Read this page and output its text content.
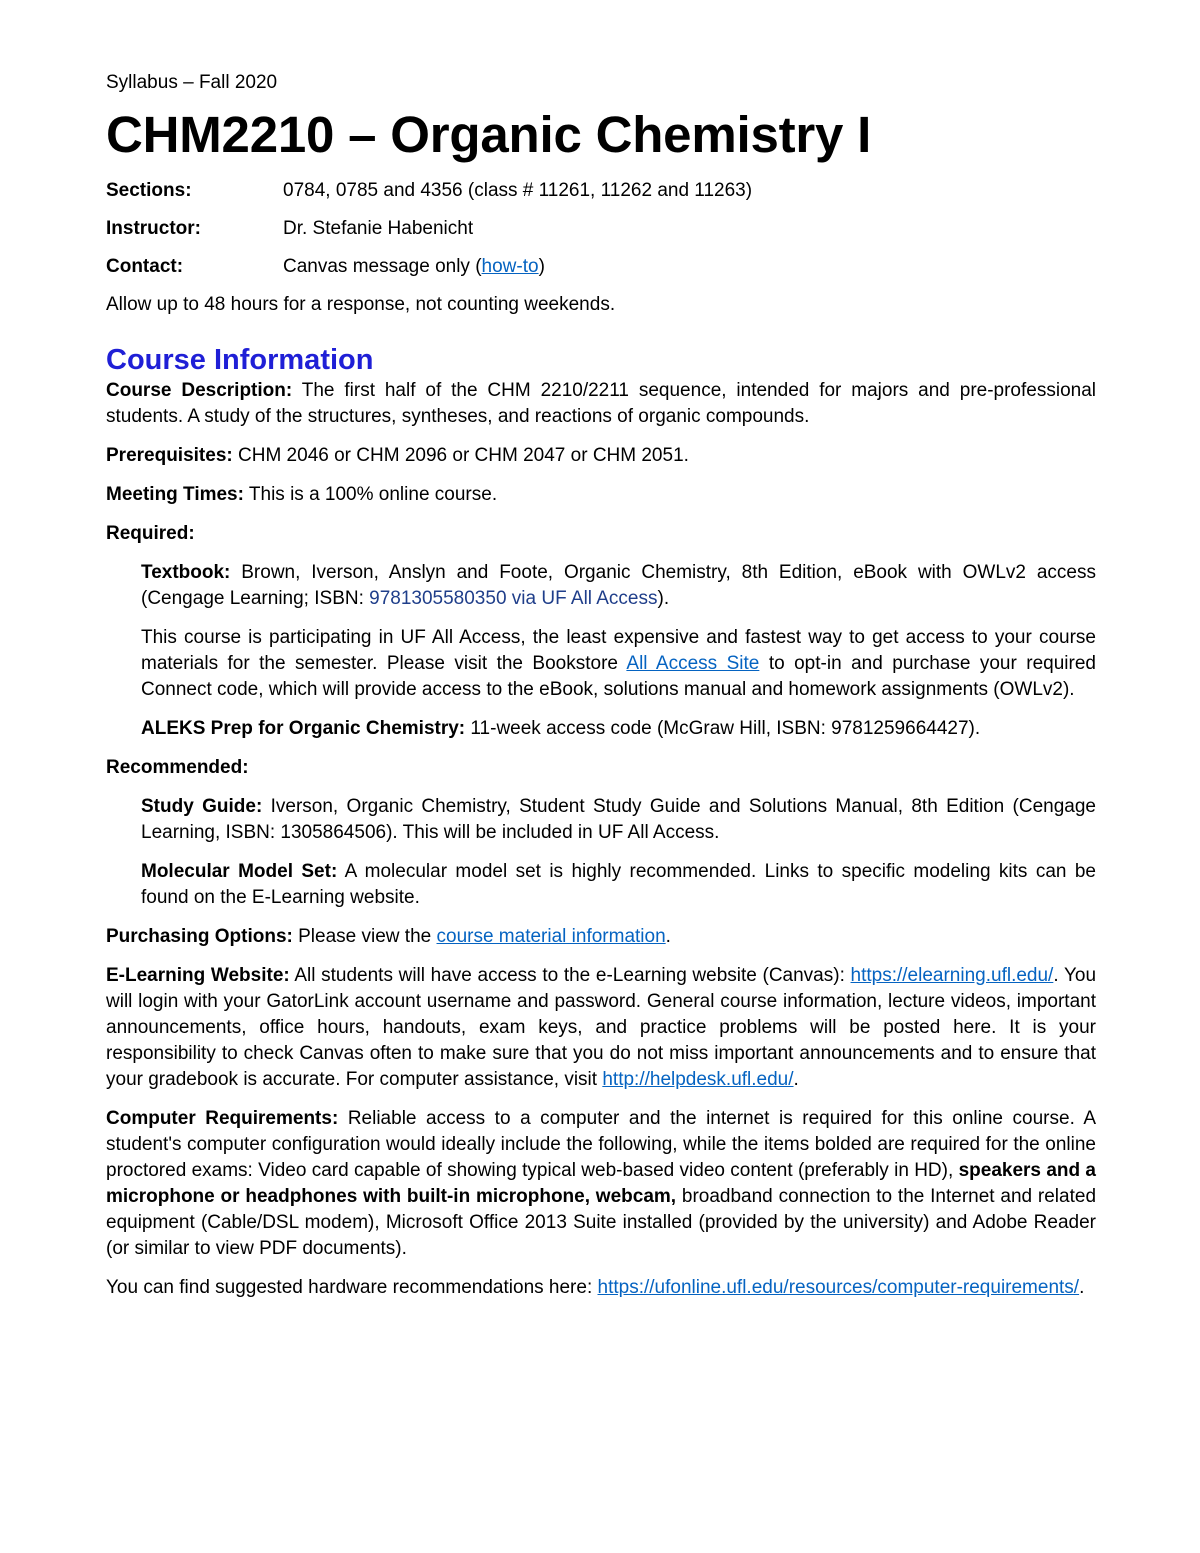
Syllabus – Fall 2020

CHM2210 – Organic Chemistry I

Sections:	0784, 0785 and 4356 (class # 11261, 11262 and 11263)
Instructor:	Dr. Stefanie Habenicht
Contact:	Canvas message only (how-to)

Allow up to 48 hours for a response, not counting weekends.

Course Information

Course Description: The first half of the CHM 2210/2211 sequence, intended for majors and pre-professional students. A study of the structures, syntheses, and reactions of organic compounds.

Prerequisites: CHM 2046 or CHM 2096 or CHM 2047 or CHM 2051.

Meeting Times: This is a 100% online course.

Required:

Textbook: Brown, Iverson, Anslyn and Foote, Organic Chemistry, 8th Edition, eBook with OWLv2 access (Cengage Learning; ISBN: 9781305580350 via UF All Access).

This course is participating in UF All Access, the least expensive and fastest way to get access to your course materials for the semester. Please visit the Bookstore All Access Site to opt-in and purchase your required Connect code, which will provide access to the eBook, solutions manual and homework assignments (OWLv2).

ALEKS Prep for Organic Chemistry: 11-week access code (McGraw Hill, ISBN: 9781259664427).

Recommended:

Study Guide: Iverson, Organic Chemistry, Student Study Guide and Solutions Manual, 8th Edition (Cengage Learning, ISBN: 1305864506). This will be included in UF All Access.

Molecular Model Set: A molecular model set is highly recommended. Links to specific modeling kits can be found on the E-Learning website.

Purchasing Options: Please view the course material information.

E-Learning Website: All students will have access to the e-Learning website (Canvas): https://elearning.ufl.edu/. You will login with your GatorLink account username and password. General course information, lecture videos, important announcements, office hours, handouts, exam keys, and practice problems will be posted here. It is your responsibility to check Canvas often to make sure that you do not miss important announcements and to ensure that your gradebook is accurate. For computer assistance, visit http://helpdesk.ufl.edu/.

Computer Requirements: Reliable access to a computer and the internet is required for this online course. A student's computer configuration would ideally include the following, while the items bolded are required for the online proctored exams: Video card capable of showing typical web-based video content (preferably in HD), speakers and a microphone or headphones with built-in microphone, webcam, broadband connection to the Internet and related equipment (Cable/DSL modem), Microsoft Office 2013 Suite installed (provided by the university) and Adobe Reader (or similar to view PDF documents).

You can find suggested hardware recommendations here: https://ufonline.ufl.edu/resources/computer-requirements/.
